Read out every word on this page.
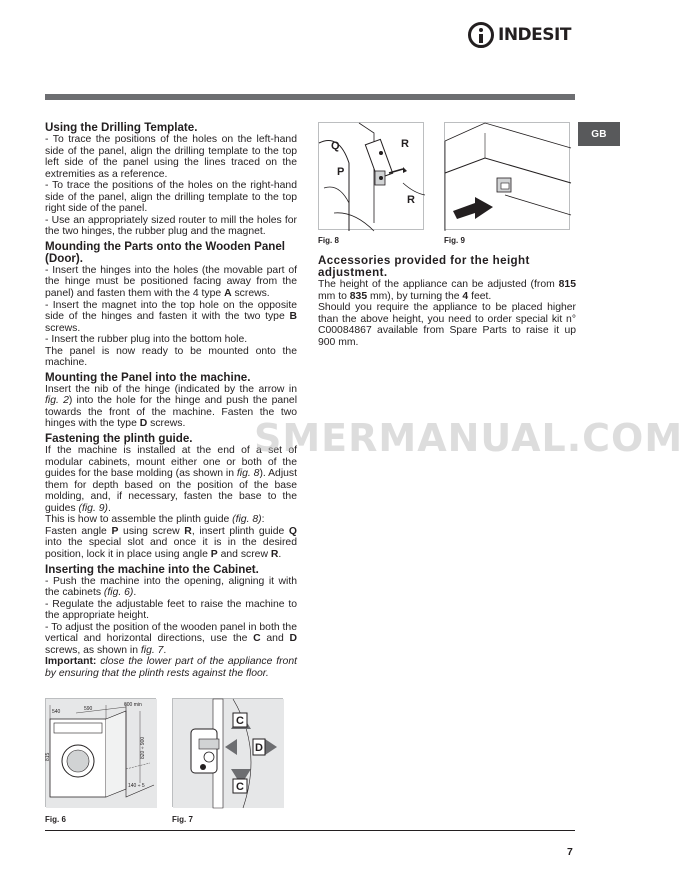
INDESIT
GB
Using the Drilling Template.

- To trace the positions of the holes on the left-hand side of the panel, align the drilling template to the top left side of the panel using the lines traced on the extremities as a reference.

- To trace the positions of the holes on the right-hand side of the panel, align the drilling template to the top right side of the panel.

- Use an appropriately sized router to mill the holes for the two hinges, the rubber plug and the magnet.

Mounding the Parts onto the Wooden Panel (Door).

- Insert the hinges into the holes (the movable part of the hinge must be positioned facing away from the panel) and fasten them with the 4 type A screws.

- Insert the magnet into the top hole on the opposite side of the hinges and fasten it with the two type B screws.

- Insert the rubber plug into the bottom hole.

The panel is now ready to be mounted onto the machine.

Mounting the Panel into the machine.

Insert the nib of the hinge (indicated by the arrow in fig. 2) into the hole for the hinge and push the panel towards the front of the machine. Fasten the two hinges with the type D screws.

Fastening the plinth guide.

If the machine is installed at the end of a set of modular cabinets, mount either one or both of the guides for the base molding (as shown in fig. 8). Adjust them for depth based on the position of the base molding, and, if necessary, fasten the base to the guides (fig. 9).

This is how to assemble the plinth guide (fig. 8):

Fasten angle P using screw R, insert plinth guide Q into the special slot and once it is in the desired position, lock it in place using angle P and screw R.

Inserting the machine into the Cabinet.

- Push the machine into the opening, aligning it with the cabinets (fig. 6).

- Regulate the adjustable feet to raise the machine to the appropriate height.

- To adjust the position of the wooden panel in both the vertical and horizontal directions, use the C and D screws, as shown in fig. 7.

Important: close the lower part of the appliance front by ensuring that the plinth rests against the floor.

Accessories provided for the height adjustment.

The height of the appliance can be adjusted (from 815 mm to 835 mm), by turning the 4 feet.

Should you require the appliance to be placed higher than the above height, you need to order special kit n° C00084867 available from Spare Parts to raise it up 900 mm.

Q	R
P
R
Fig. 8	Fig. 9
540	590
600 min
815	820 ÷ 900
140 ÷ 5
Fig. 6
C
D
C
Fig. 7
SMERMANUAL.COM
7
